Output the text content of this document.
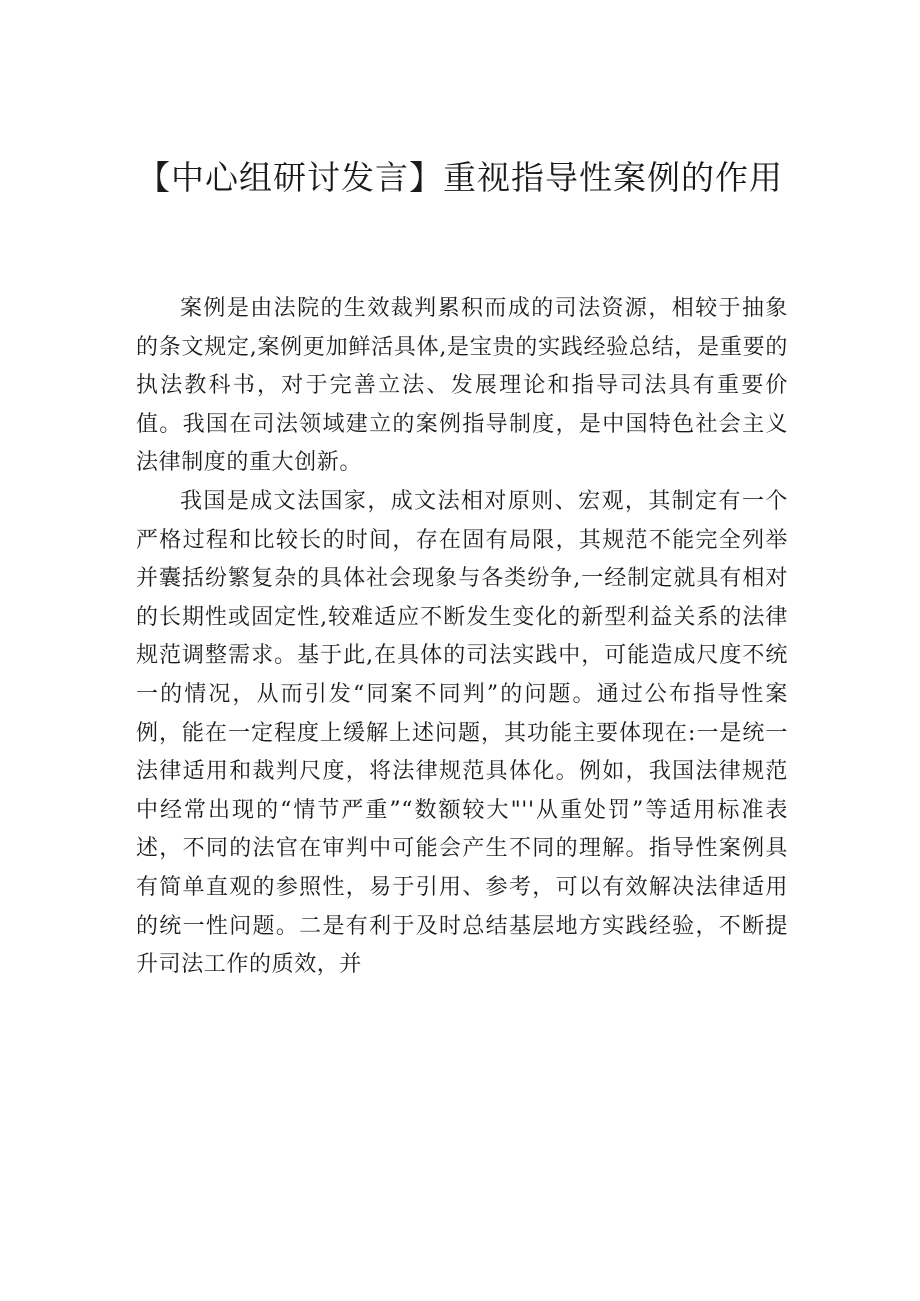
【中心组研讨发言】重视指导性案例的作用

案例是由法院的生效裁判累积而成的司法资源，相较于抽象的条文规定,案例更加鲜活具体,是宝贵的实践经验总结，是重要的执法教科书，对于完善立法、发展理论和指导司法具有重要价值。我国在司法领域建立的案例指导制度，是中国特色社会主义法律制度的重大创新。

我国是成文法国家，成文法相对原则、宏观，其制定有一个严格过程和比较长的时间，存在固有局限，其规范不能完全列举并囊括纷繁复杂的具体社会现象与各类纷争,一经制定就具有相对的长期性或固定性,较难适应不断发生变化的新型利益关系的法律规范调整需求。基于此,在具体的司法实践中，可能造成尺度不统一的情况，从而引发“同案不同判”的问题。通过公布指导性案例，能在一定程度上缓解上述问题，其功能主要体现在:一是统一法律适用和裁判尺度，将法律规范具体化。例如，我国法律规范中经常出现的“情节严重”“数额较大"''从重处罚”等适用标准表述，不同的法官在审判中可能会产生不同的理解。指导性案例具有简单直观的参照性，易于引用、参考，可以有效解决法律适用的统一性问题。二是有利于及时总结基层地方实践经验，不断提升司法工作的质效，并
